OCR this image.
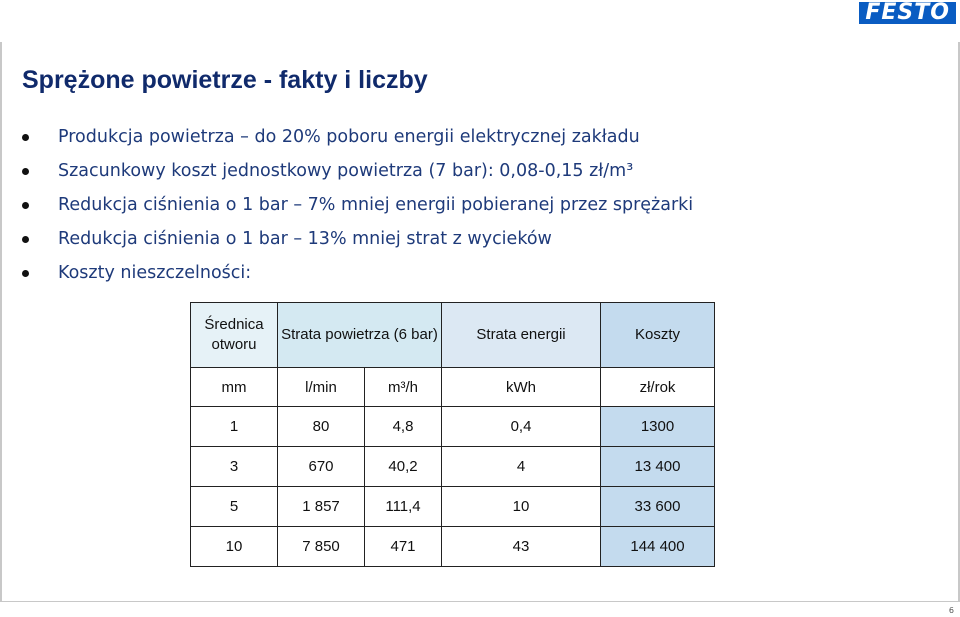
FESTO
6
Sprężone powietrze - fakty i liczby
Produkcja powietrza – do 20% poboru energii elektrycznej zakładu
Szacunkowy koszt jednostkowy powietrza (7 bar): 0,08-0,15 zł/m³
Redukcja ciśnienia o 1 bar – 7% mniej energii pobieranej przez sprężarki
Redukcja ciśnienia o 1 bar – 13% mniej strat z wycieków
Koszty nieszczelności:
Średnica otworu	Strata powietrza (6 bar)		Strata energii	Koszty
mm	l/min	m³/h	kWh	zł/rok
1	80	4,8	0,4	1300
3	670	40,2	4	13 400
5	1 857	111,4	10	33 600
10	7 850	471	43	144 400
